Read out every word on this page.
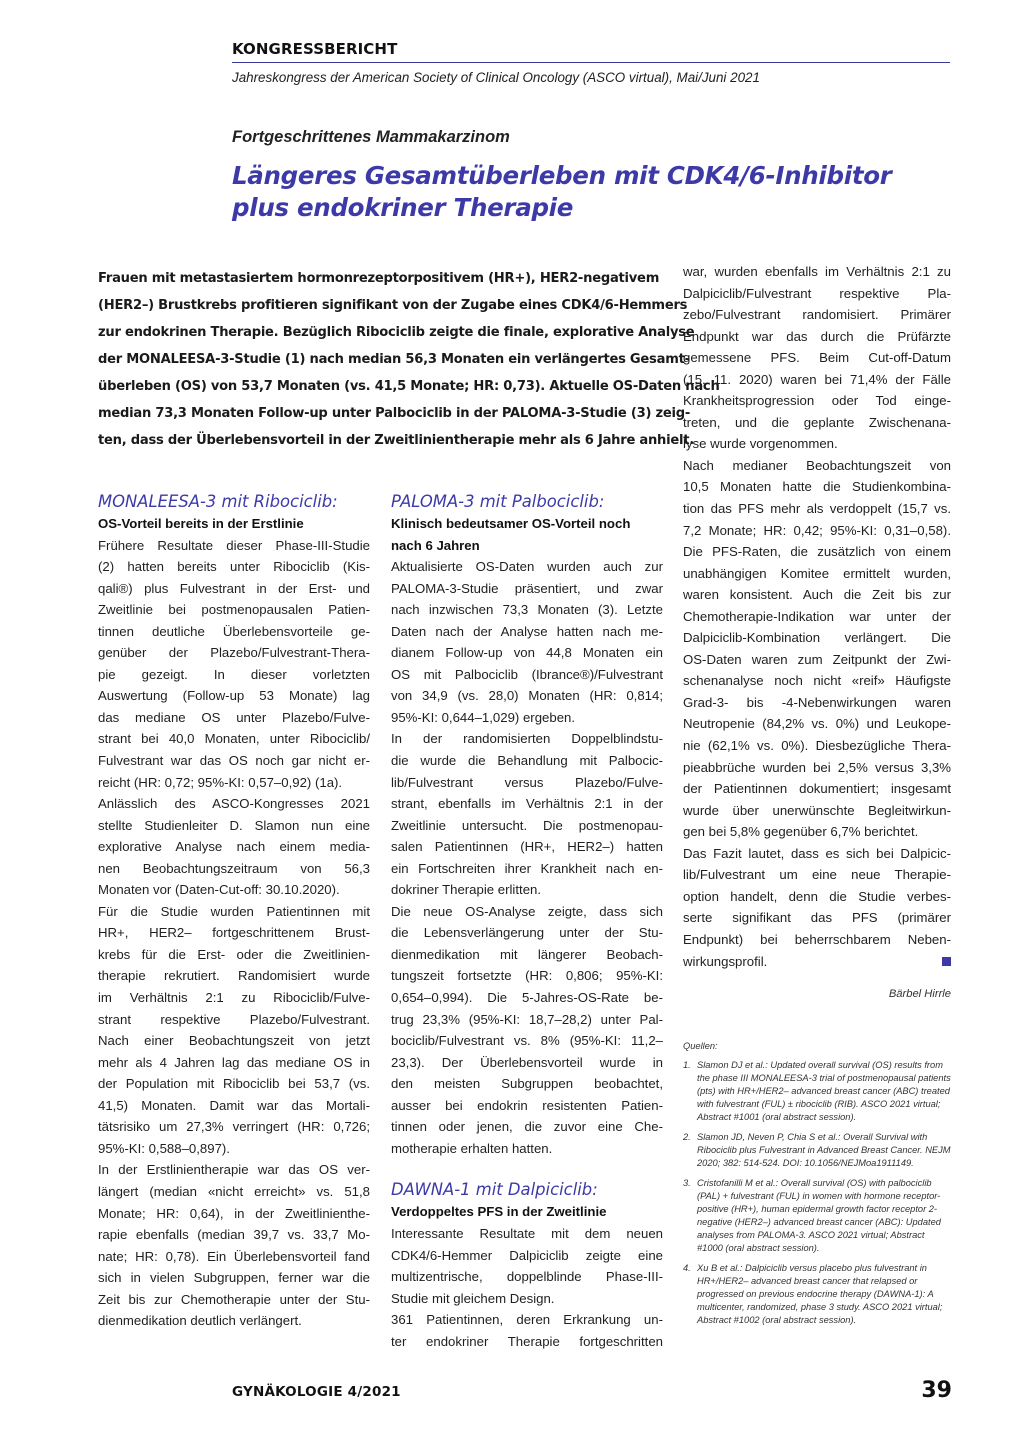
KONGRESSBERICHT
Jahreskongress der American Society of Clinical Oncology (ASCO virtual), Mai/Juni 2021
Fortgeschrittenes Mammakarzinom
Längeres Gesamtüberleben mit CDK4/6-Inhibitor
plus endokriner Therapie
Frauen mit metastasiertem hormonrezeptorpositivem (HR+), HER2-negativem
(HER2–) Brustkrebs profitieren signifikant von der Zugabe eines CDK4/6-Hemmers
zur endokrinen Therapie. Bezüglich Ribociclib zeigte die finale, explorative Analyse
der MONALEESA-3-Studie (1) nach median 56,3 Monaten ein verlängertes Gesamt-
überleben (OS) von 53,7 Monaten (vs. 41,5 Monate; HR: 0,73). Aktuelle OS-Daten nach
median 73,3 Monaten Follow-up unter Palbociclib in der PALOMA-3-Studie (3) zeig-
ten, dass der Überlebensvorteil in der Zweitlinientherapie mehr als 6 Jahre anhielt.
MONALEESA-3 mit Ribociclib:
OS-Vorteil bereits in der Erstlinie

Frühere Resultate dieser Phase-III-Studie
(2) hatten bereits unter Ribociclib (Kis-
qali®) plus Fulvestrant in der Erst- und
Zweitlinie bei postmenopausalen Patien-
tinnen deutliche Überlebensvorteile ge-
genüber der Plazebo/Fulvestrant-Thera-
pie gezeigt. In dieser vorletzten
Auswertung (Follow-up 53 Monate) lag
das mediane OS unter Plazebo/Fulve-
strant bei 40,0 Monaten, unter Ribociclib/
Fulvestrant war das OS noch gar nicht er-
reicht (HR: 0,72; 95%-KI: 0,57–0,92) (1a).

Anlässlich des ASCO-Kongresses 2021
stellte Studienleiter D. Slamon nun eine
explorative Analyse nach einem media-
nen Beobachtungszeitraum von 56,3
Monaten vor (Daten-Cut-off: 30.10.2020).

Für die Studie wurden Patientinnen mit
HR+, HER2– fortgeschrittenem Brust-
krebs für die Erst- oder die Zweitlinien-
therapie rekrutiert. Randomisiert wurde
im Verhältnis 2:1 zu Ribociclib/Fulve-
strant respektive Plazebo/Fulvestrant.
Nach einer Beobachtungszeit von jetzt
mehr als 4 Jahren lag das mediane OS in
der Population mit Ribociclib bei 53,7 (vs.
41,5) Monaten. Damit war das Mortali-
tätsrisiko um 27,3% verringert (HR: 0,726;
95%-KI: 0,588–0,897).

In der Erstlinientherapie war das OS ver-
längert (median «nicht erreicht» vs. 51,8
Monate; HR: 0,64), in der Zweitlinienthe-
rapie ebenfalls (median 39,7 vs. 33,7 Mo-
nate; HR: 0,78). Ein Überlebensvorteil fand
sich in vielen Subgruppen, ferner war die
Zeit bis zur Chemotherapie unter der Stu-
dienmedikation deutlich verlängert.

PALOMA-3 mit Palbociclib:
Klinisch bedeutsamer OS-Vorteil noch
nach 6 Jahren

Aktualisierte OS-Daten wurden auch zur
PALOMA-3-Studie präsentiert, und zwar
nach inzwischen 73,3 Monaten (3). Letzte
Daten nach der Analyse hatten nach me-
dianem Follow-up von 44,8 Monaten ein
OS mit Palbociclib (Ibrance®)/Fulvestrant
von 34,9 (vs. 28,0) Monaten (HR: 0,814;
95%-KI: 0,644–1,029) ergeben.

In der randomisierten Doppelblindstu-
die wurde die Behandlung mit Palbocic-
lib/Fulvestrant versus Plazebo/Fulve-
strant, ebenfalls im Verhältnis 2:1 in der
Zweitlinie untersucht. Die postmenopau-
salen Patientinnen (HR+, HER2–) hatten
ein Fortschreiten ihrer Krankheit nach en-
dokriner Therapie erlitten.

Die neue OS-Analyse zeigte, dass sich
die Lebensverlängerung unter der Stu-
dienmedikation mit längerer Beobach-
tungszeit fortsetzte (HR: 0,806; 95%-KI:
0,654–0,994). Die 5-Jahres-OS-Rate be-
trug 23,3% (95%-KI: 18,7–28,2) unter Pal-
bociclib/Fulvestrant vs. 8% (95%-KI: 11,2–
23,3). Der Überlebensvorteil wurde in
den meisten Subgruppen beobachtet,
ausser bei endokrin resistenten Patien-
tinnen oder jenen, die zuvor eine Che-
motherapie erhalten hatten.

DAWNA-1 mit Dalpiciclib:
Verdoppeltes PFS in der Zweitlinie

Interessante Resultate mit dem neuen
CDK4/6-Hemmer Dalpiciclib zeigte eine
multizentrische, doppelblinde Phase-III-
Studie mit gleichem Design.

361 Patientinnen, deren Erkrankung un-
ter endokriner Therapie fortgeschritten

war, wurden ebenfalls im Verhältnis 2:1 zu
Dalpiciclib/Fulvestrant respektive Pla-
zebo/Fulvestrant randomisiert. Primärer
Endpunkt war das durch die Prüfärzte
gemessene PFS. Beim Cut-off-Datum
(15. 11. 2020) waren bei 71,4% der Fälle
Krankheitsprogression oder Tod einge-
treten, und die geplante Zwischenana-
lyse wurde vorgenommen.

Nach medianer Beobachtungszeit von
10,5 Monaten hatte die Studienkombina-
tion das PFS mehr als verdoppelt (15,7 vs.
7,2 Monate; HR: 0,42; 95%-KI: 0,31–0,58).
Die PFS-Raten, die zusätzlich von einem
unabhängigen Komitee ermittelt wurden,
waren konsistent. Auch die Zeit bis zur
Chemotherapie-Indikation war unter der
Dalpiciclib-Kombination verlängert. Die
OS-Daten waren zum Zeitpunkt der Zwi-
schenanalyse noch nicht «reif» Häufigste
Grad-3- bis -4-Nebenwirkungen waren
Neutropenie (84,2% vs. 0%) und Leukope-
nie (62,1% vs. 0%). Diesbezügliche Thera-
pieabbrüche wurden bei 2,5% versus 3,3%
der Patientinnen dokumentiert; insgesamt
wurde über unerwünschte Begleitwirkun-
gen bei 5,8% gegenüber 6,7% berichtet.

Das Fazit lautet, dass es sich bei Dalpicic-
lib/Fulvestrant um eine neue Therapie-
option handelt, denn die Studie verbes-
serte signifikant das PFS (primärer
Endpunkt) bei beherrschbarem Neben-
wirkungsprofil.

Bärbel Hirrle
Quellen:
1. Slamon DJ et al.: Updated overall survival (OS) results from the phase III MONALEESA-3 trial of postmenopausal patients (pts) with HR+/HER2– advanced breast cancer (ABC) treated with fulvestrant (FUL) ± ribociclib (RIB). ASCO 2021 virtual; Abstract #1001 (oral abstract session).
2. Slamon JD, Neven P, Chia S et al.: Overall Survival with Ribociclib plus Fulvestrant in Advanced Breast Cancer. NEJM 2020; 382: 514-524. DOI: 10.1056/NEJMoa1911149.
3. Cristofanilli M et al.: Overall survival (OS) with palbociclib (PAL) + fulvestrant (FUL) in women with hormone receptor-positive (HR+), human epidermal growth factor receptor 2-negative (HER2–) advanced breast cancer (ABC): Updated analyses from PALOMA-3. ASCO 2021 virtual; Abstract #1000 (oral abstract session).
4. Xu B et al.: Dalpiciclib versus placebo plus fulvestrant in HR+/HER2– advanced breast cancer that relapsed or progressed on previous endocrine therapy (DAWNA-1): A multicenter, randomized, phase 3 study. ASCO 2021 virtual; Abstract #1002 (oral abstract session).
GYNÄKOLOGIE 4/2021	39
